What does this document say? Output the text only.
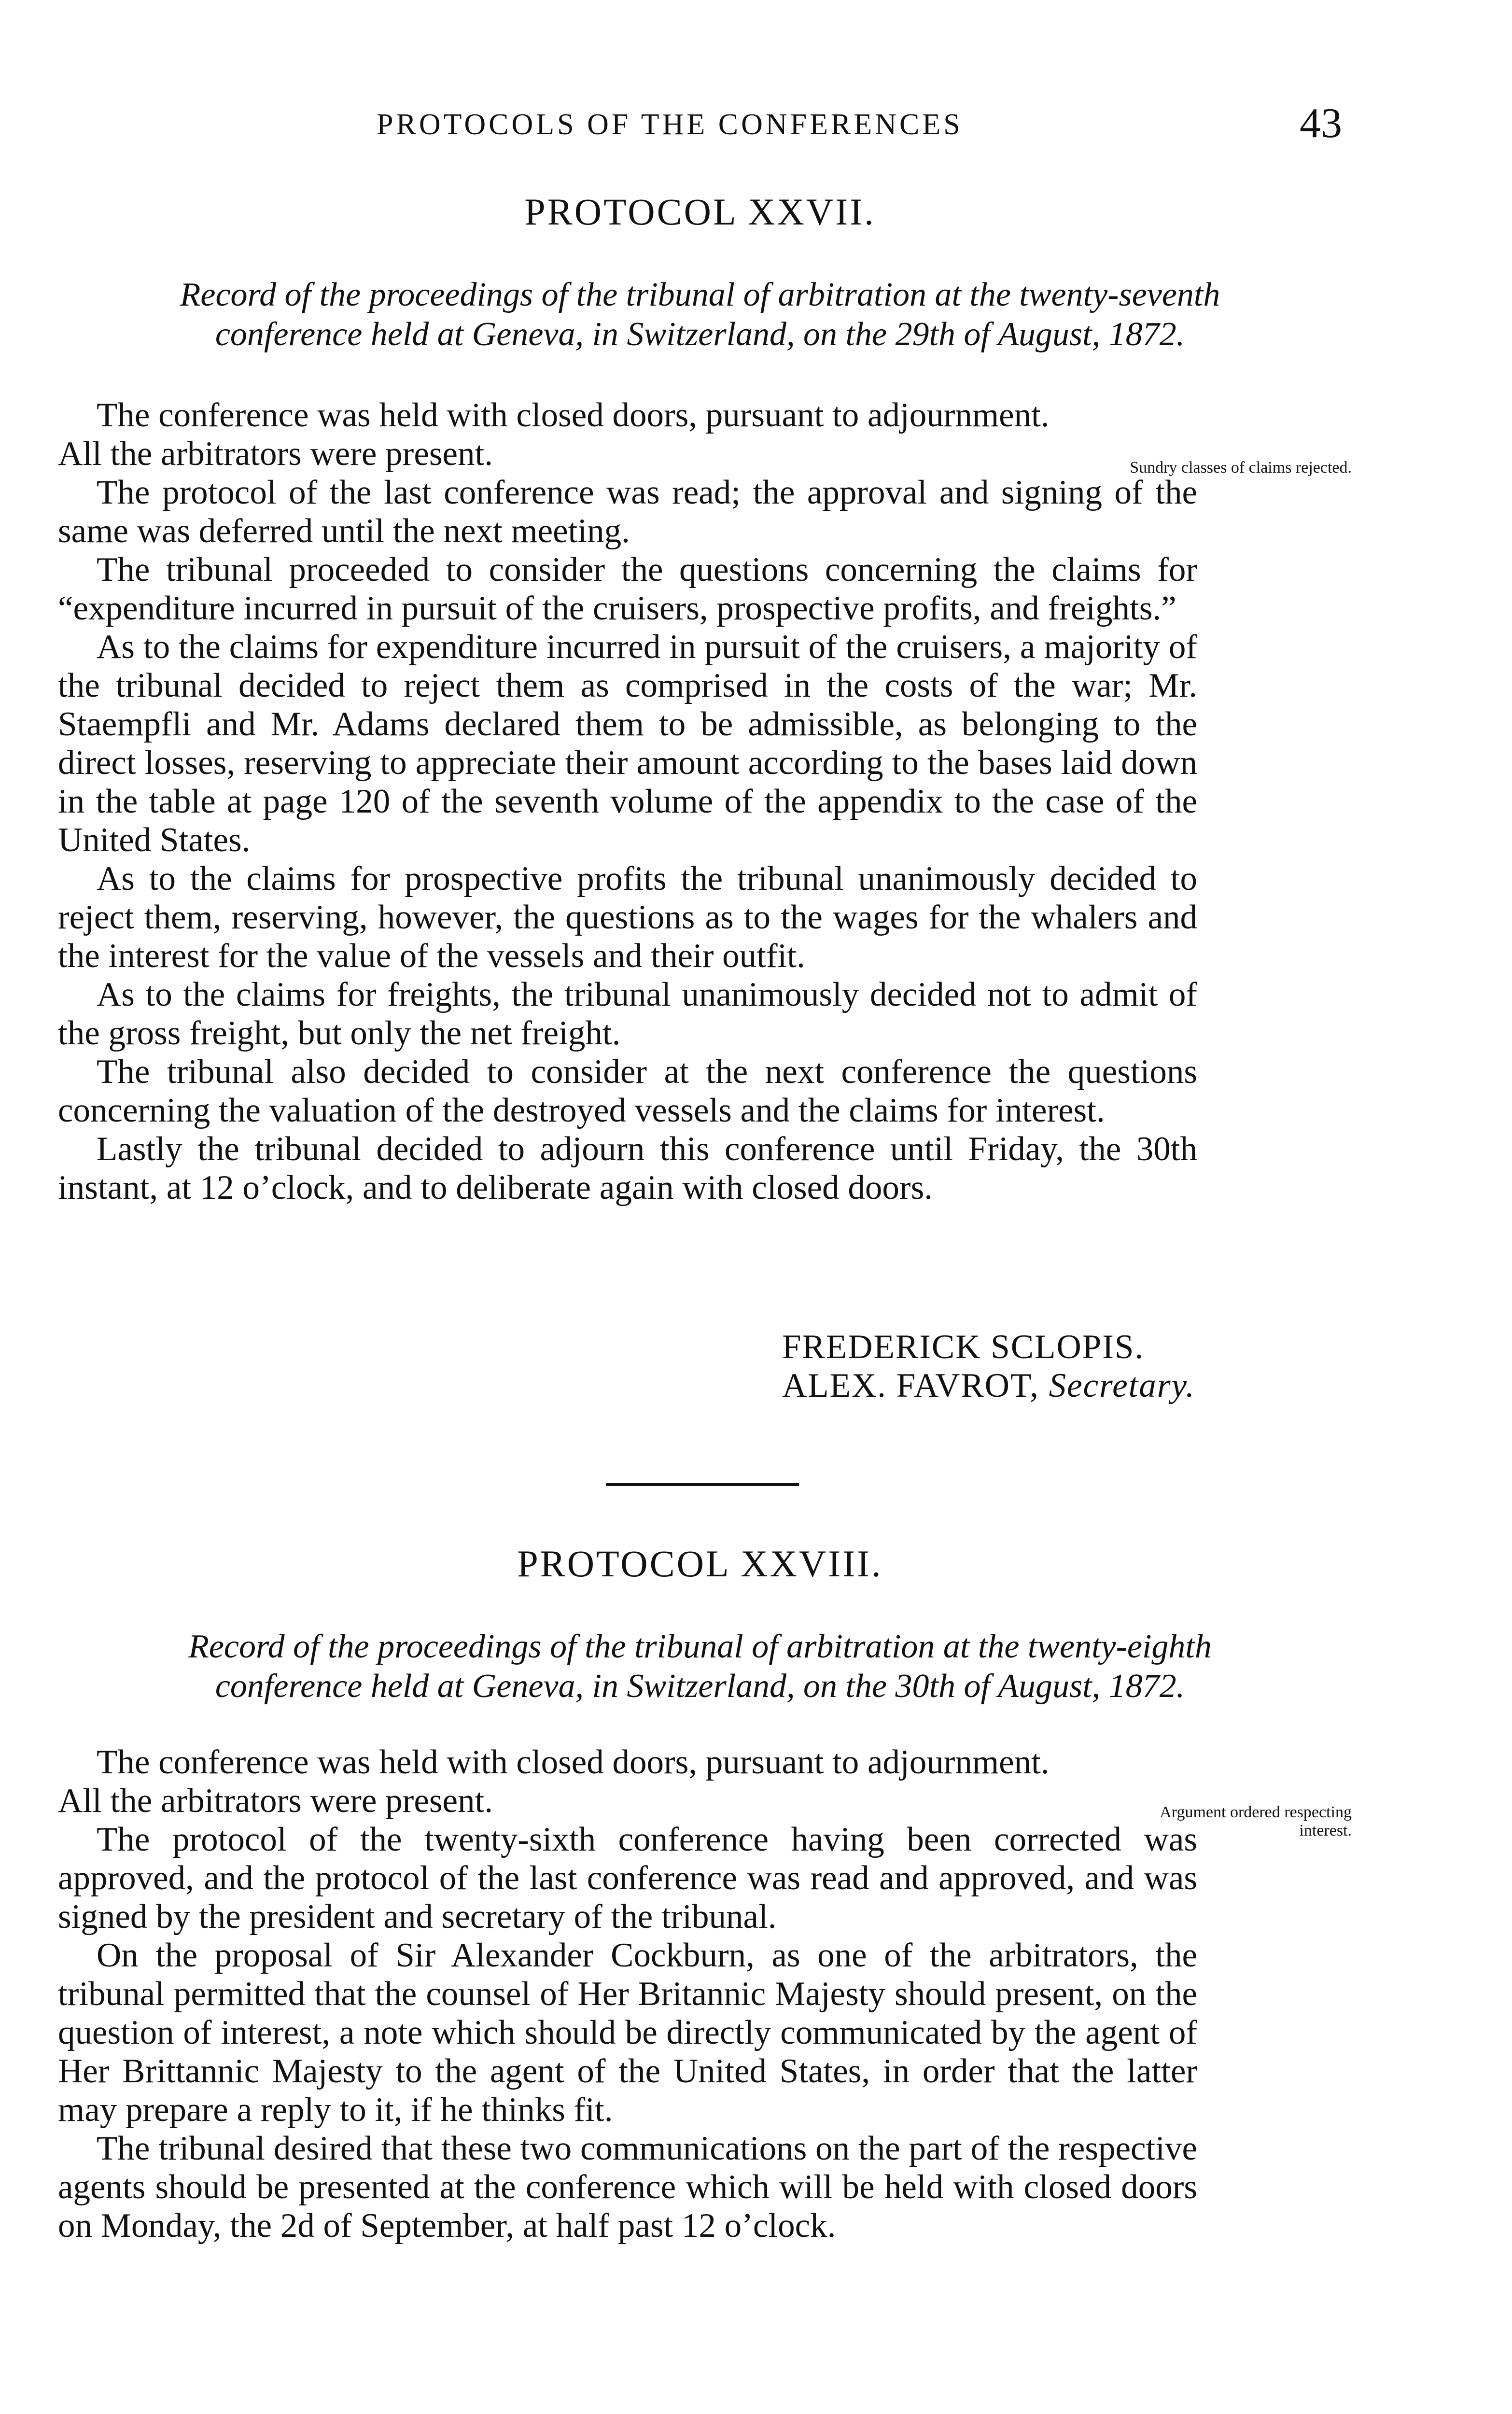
PROTOCOLS OF THE CONFERENCES	43
PROTOCOL XXVII.
Record of the proceedings of the tribunal of arbitration at the twenty-seventh
conference held at Geneva, in Switzerland, on the 29th of August, 1872.

The conference was held with closed doors, pursuant to adjournment.

All the arbitrators were present.

The protocol of the last conference was read; the approval and signing of the same was deferred until the next meeting.

The tribunal proceeded to consider the questions concerning the claims for “expenditure incurred in pursuit of the cruisers, prospective profits, and freights.”

As to the claims for expenditure incurred in pursuit of the cruisers, a majority of the tribunal decided to reject them as comprised in the costs of the war; Mr. Staempfli and Mr. Adams declared them to be admissible, as belonging to the direct losses, reserving to appreciate their amount according to the bases laid down in the table at page 120 of the seventh volume of the appendix to the case of the United States.

As to the claims for prospective profits the tribunal unanimously decided to reject them, reserving, however, the questions as to the wages for the whalers and the interest for the value of the vessels and their outfit.

As to the claims for freights, the tribunal unanimously decided not to admit of the gross freight, but only the net freight.

The tribunal also decided to consider at the next conference the questions concerning the valuation of the destroyed vessels and the claims for interest.

Lastly the tribunal decided to adjourn this conference until Friday, the 30th instant, at 12 o’clock, and to deliberate again with closed doors.

Sundry classes of claims rejected.
FREDERICK SCLOPIS.
ALEX. FAVROT, Secretary.
PROTOCOL XXVIII.
Record of the proceedings of the tribunal of arbitration at the twenty-eighth
conference held at Geneva, in Switzerland, on the 30th of August, 1872.

The conference was held with closed doors, pursuant to adjournment.

All the arbitrators were present.

The protocol of the twenty-sixth conference having been corrected was approved, and the protocol of the last conference was read and approved, and was signed by the president and secretary of the tribunal.

On the proposal of Sir Alexander Cockburn, as one of the arbitrators, the tribunal permitted that the counsel of Her Britannic Majesty should present, on the question of interest, a note which should be directly communicated by the agent of Her Brittannic Majesty to the agent of the United States, in order that the latter may prepare a reply to it, if he thinks fit.

The tribunal desired that these two communications on the part of the respective agents should be presented at the conference which will be held with closed doors on Monday, the 2d of September, at half past 12 o’clock.

Argument ordered respecting interest.
